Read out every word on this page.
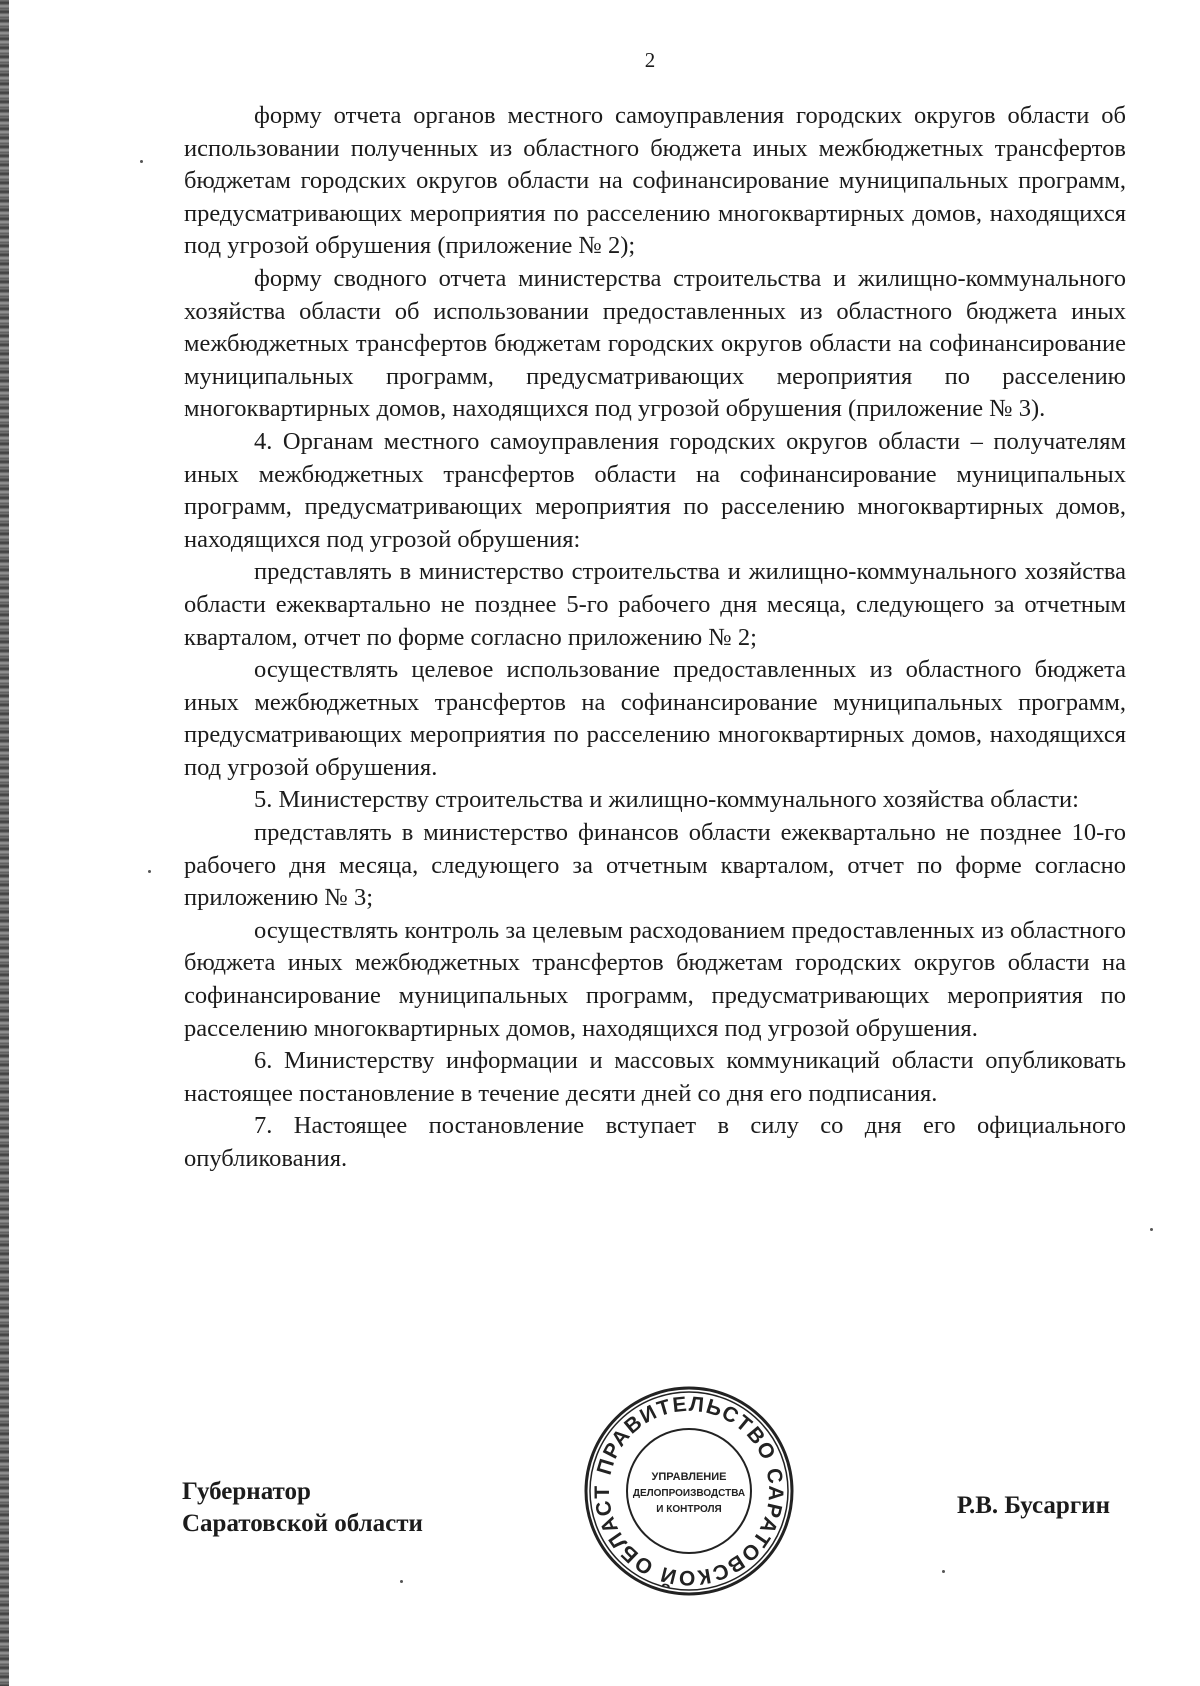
2

форму отчета органов местного самоуправления городских округов области об использовании полученных из областного бюджета иных межбюджетных трансфертов бюджетам городских округов области на софинансирование муниципальных программ, предусматривающих мероприятия по расселению многоквартирных домов, находящихся под угрозой обрушения (приложение № 2);

форму сводного отчета министерства строительства и жилищно-коммунального хозяйства области об использовании предоставленных из областного бюджета иных межбюджетных трансфертов бюджетам городских округов области на софинансирование муниципальных программ, предусматривающих мероприятия по расселению многоквартирных домов, находящихся под угрозой обрушения (приложение № 3).

4. Органам местного самоуправления городских округов области – получателям иных межбюджетных трансфертов области на софинансирование муниципальных программ, предусматривающих мероприятия по расселению многоквартирных домов, находящихся под угрозой обрушения:

представлять в министерство строительства и жилищно-коммунального хозяйства области ежеквартально не позднее 5-го рабочего дня месяца, следующего за отчетным кварталом, отчет по форме согласно приложению № 2;

осуществлять целевое использование предоставленных из областного бюджета иных межбюджетных трансфертов на софинансирование муниципальных программ, предусматривающих мероприятия по расселению многоквартирных домов, находящихся под угрозой обрушения.

5. Министерству строительства и жилищно-коммунального хозяйства области:

представлять в министерство финансов области ежеквартально не позднее 10-го рабочего дня месяца, следующего за отчетным кварталом, отчет по форме согласно приложению № 3;

осуществлять контроль за целевым расходованием предоставленных из областного бюджета иных межбюджетных трансфертов бюджетам городских округов области на софинансирование муниципальных программ, предусматривающих мероприятия по расселению многоквартирных домов, находящихся под угрозой обрушения.

6. Министерству информации и массовых коммуникаций области опубликовать настоящее постановление в течение десяти дней со дня его подписания.

7. Настоящее постановление вступает в силу со дня его официального опубликования.

Губернатор
Саратовской области
ПРАВИТЕЛЬСТВО САРАТОВСКОЙ ОБЛАСТ
УПРАВЛЕНИЕ
ДЕЛОПРОИЗВОДСТВА
И КОНТРОЛЯ	Р.В. Бусаргин
